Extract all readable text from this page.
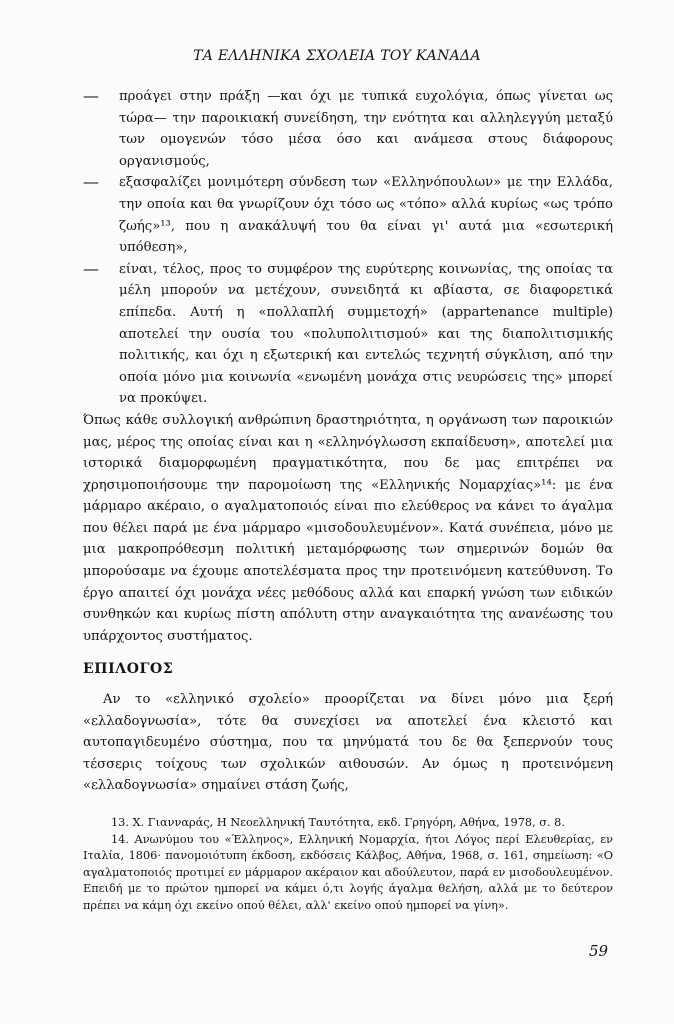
ΤΑ ΕΛΛΗΝΙΚΑ ΣΧΟΛΕΙΑ ΤΟΥ ΚΑΝΑΔΑ
— προάγει στην πράξη —και όχι με τυπικά ευχολόγια, όπως γίνεται ως τώρα— την παροικιακή συνείδηση, την ενότητα και αλληλεγγύη μεταξύ των ομογενών τόσο μέσα όσο και ανάμεσα στους διάφορους οργανισμούς,
— εξασφαλίζει μονιμότερη σύνδεση των «Ελληνόπουλων» με την Ελλάδα, την οποία και θα γνωρίζουν όχι τόσο ως «τόπο» αλλά κυρίως «ως τρόπο ζωής»¹³, που η ανακάλυψή του θα είναι γι' αυτά μια «εσωτερική υπόθεση»,
— είναι, τέλος, προς το συμφέρον της ευρύτερης κοινωνίας, της οποίας τα μέλη μπορούν να μετέχουν, συνειδητά κι αβίαστα, σε διαφορετικά επίπεδα. Αυτή η «πολλαπλή συμμετοχή» (appartenance multiple) αποτελεί την ουσία του «πολυπολιτισμού» και της διαπολιτισμικής πολιτικής, και όχι η εξωτερική και εντελώς τεχνητή σύγκλιση, από την οποία μόνο μια κοινωνία «ενωμένη μονάχα στις νευρώσεις της» μπορεί να προκύψει.

Όπως κάθε συλλογική ανθρώπινη δραστηριότητα, η οργάνωση των παροικιών μας, μέρος της οποίας είναι και η «ελληνόγλωσση εκπαίδευση», αποτελεί μια ιστορικά διαμορφωμένη πραγματικότητα, που δε μας επιτρέπει να χρησιμοποιήσουμε την παρομοίωση της «Ελληνικής Νομαρχίας»¹⁴: με ένα μάρμαρο ακέραιο, ο αγαλματοποιός είναι πιο ελεύθερος να κάνει το άγαλμα που θέλει παρά με ένα μάρμαρο «μισοδουλευμένον». Κατά συνέπεια, μόνο με μια μακροπρόθεσμη πολιτική μεταμόρφωσης των σημερινών δομών θα μπορούσαμε να έχουμε αποτελέσματα προς την προτεινόμενη κατεύθυνση. Το έργο απαιτεί όχι μονάχα νέες μεθόδους αλλά και επαρκή γνώση των ειδικών συνθηκών και κυρίως πίστη απόλυτη στην αναγκαιότητα της ανανέωσης του υπάρχοντος συστήματος.

ΕΠΙΛΟΓΟΣ

Αν το «ελληνικό σχολείο» προορίζεται να δίνει μόνο μια ξερή «ελλαδογνωσία», τότε θα συνεχίσει να αποτελεί ένα κλειστό και αυτοπαγιδευμένο σύστημα, που τα μηνύματά του δε θα ξεπερνούν τους τέσσερις τοίχους των σχολικών αιθουσών. Αν όμως η προτεινόμενη «ελλαδογνωσία» σημαίνει στάση ζωής,

13. Χ. Γιανναράς, Η Νεοελληνική Ταυτότητα, εκδ. Γρηγόρη, Αθήνα, 1978, σ. 8.

14. Ανωνύμου του «Έλληνος», Ελληνική Νομαρχία, ήτοι Λόγος περί Ελευθερίας, εν Ιταλία, 1806· πανομοιότυπη έκδοση, εκδόσεις Κάλβος, Αθήνα, 1968, σ. 161, σημείωση: «Ο αγαλματοποιός προτιμεί εν μάρμαρον ακέραιον και αδούλευτον, παρά εν μισοδουλευμένον. Επειδή με το πρώτον ημπορεί να κάμει ό,τι λογής άγαλμα θελήση, αλλά με το δεύτερον πρέπει να κάμη όχι εκείνο οπού θέλει, αλλ' εκείνο οπού ημπορεί να γίνη».

59
